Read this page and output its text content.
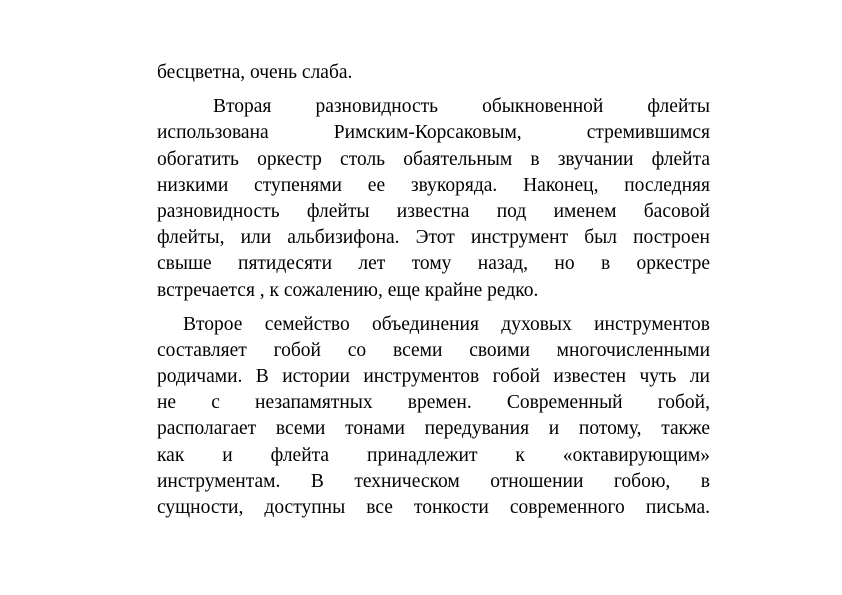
бесцветна, очень слаба.
Вторая разновидность обыкновенной флейты
использована Римским-Корсаковым, стремившимся
обогатить оркестр столь обаятельным в звучании флейта
низкими ступенями ее звукоряда. Наконец, последняя
разновидность флейты известна под именем басовой
флейты, или альбизифона. Этот инструмент был построен
свыше пятидесяти лет тому назад, но в оркестре
встречается , к сожалению, еще крайне редко.
Второе семейство объединения духовых инструментов
составляет гобой со всеми своими многочисленными
родичами. В истории инструментов гобой известен чуть ли
не с незапамятных времен. Современный гобой,
располагает всеми тонами передувания и потому, также
как и флейта принадлежит к «октавирующим»
инструментам. В техническом отношении гобою, в
сущности, доступны все тонкости современного письма.
